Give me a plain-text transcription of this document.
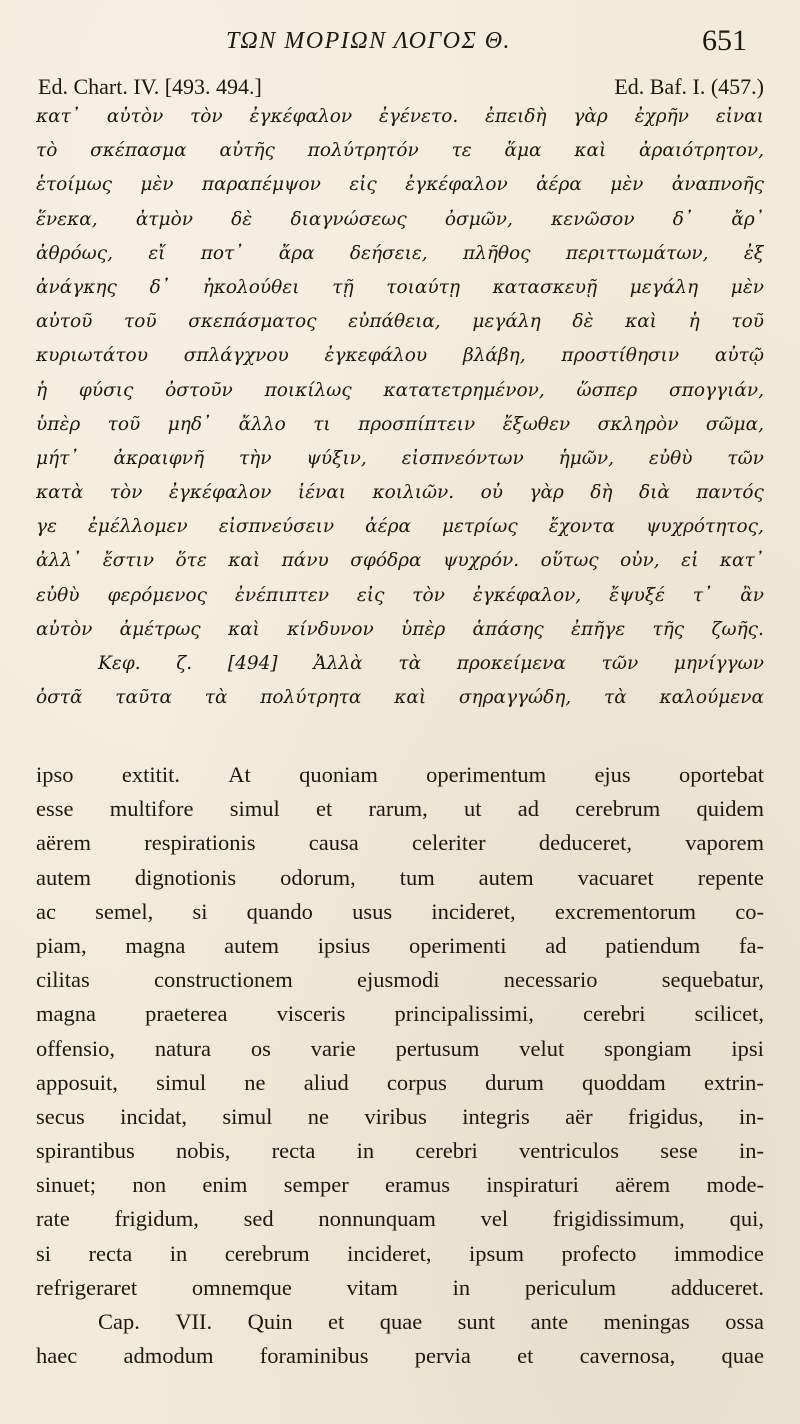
ΤΩΝ ΜΟΡΙΩΝ ΛΟΓΟΣ Θ.	651
Ed. Chart. IV. [493. 494.]	Ed. Baf. I. (457.)
κατ᾽ αὐτὸν τὸν ἐγκέφαλον ἐγένετο. ἐπειδὴ γὰρ ἐχρῆν εἶναι
τὸ σκέπασμα αὐτῆς πολύτρητόν τε ἅμα καὶ ἀραιότρητον,
ἑτοίμως μὲν παραπέμψον εἰς ἐγκέφαλον ἀέρα μὲν ἀναπνοῆς
ἕνεκα, ἀτμὸν δὲ διαγνώσεως ὀσμῶν, κενῶσον δ᾽ ἄρ᾽
ἀθρόως, εἴ ποτ᾽ ἄρα δεήσειε, πλῆθος περιττωμάτων, ἐξ
ἀνάγκης δ᾽ ἠκολούθει τῇ τοιαύτῃ κατασκευῇ μεγάλη μὲν
αὐτοῦ τοῦ σκεπάσματος εὐπάθεια, μεγάλη δὲ καὶ ἡ τοῦ
κυριωτάτου σπλάγχνου ἐγκεφάλου βλάβη, προστίθησιν αὐτῷ
ἡ φύσις ὀστοῦν ποικίλως κατατετρημένον, ὥσπερ σπογγιάν,
ὑπὲρ τοῦ μηδ᾽ ἄλλο τι προσπίπτειν ἔξωθεν σκληρὸν σῶμα,
μήτ᾽ ἀκραιφνῆ τὴν ψύξιν, εἰσπνεόντων ἡμῶν, εὐθὺ τῶν
κατὰ τὸν ἐγκέφαλον ἰέναι κοιλιῶν. οὐ γὰρ δὴ διὰ παντός
γε ἐμέλλομεν εἰσπνεύσειν ἀέρα μετρίως ἔχοντα ψυχρότητος,
ἀλλ᾽ ἔστιν ὅτε καὶ πάνυ σφόδρα ψυχρόν. οὕτως οὖν, εἰ κατ᾽
εὐθὺ φερόμενος ἐνέπιπτεν εἰς τὸν ἐγκέφαλον, ἔψυξέ τ᾽ ἂν
αὐτὸν ἀμέτρως καὶ κίνδυνον ὑπὲρ ἁπάσης ἐπῆγε τῆς ζωῆς.
Κεφ. ζ. [494] Ἀλλὰ τὰ προκείμενα τῶν μηνίγγων
ὀστᾶ ταῦτα τὰ πολύτρητα καὶ σηραγγώδη, τὰ καλούμενα
ipso extitit. At quoniam operimentum ejus oportebat
esse multifore simul et rarum, ut ad cerebrum quidem
aërem respirationis causa celeriter deduceret, vaporem
autem dignotionis odorum, tum autem vacuaret repente
ac semel, si quando usus incideret, excrementorum co-
piam, magna autem ipsius operimenti ad patiendum fa-
cilitas	constructionem	ejusmodi	necessario	sequebatur,
magna praeterea visceris principalissimi, cerebri scilicet,
offensio, natura os varie pertusum velut spongiam ipsi
apposuit, simul ne aliud corpus durum quoddam extrin-
secus incidat, simul ne viribus integris aër frigidus, in-
spirantibus nobis, recta in cerebri ventriculos sese in-
sinuet; non enim semper eramus inspiraturi aërem mode-
rate frigidum, sed nonnunquam vel frigidissimum, qui,
si recta in cerebrum incideret, ipsum profecto immodice
refrigeraret omnemque vitam in periculum adduceret.
Cap. VII. Quin et quae sunt ante meningas ossa
haec admodum foraminibus pervia et cavernosa, quae
